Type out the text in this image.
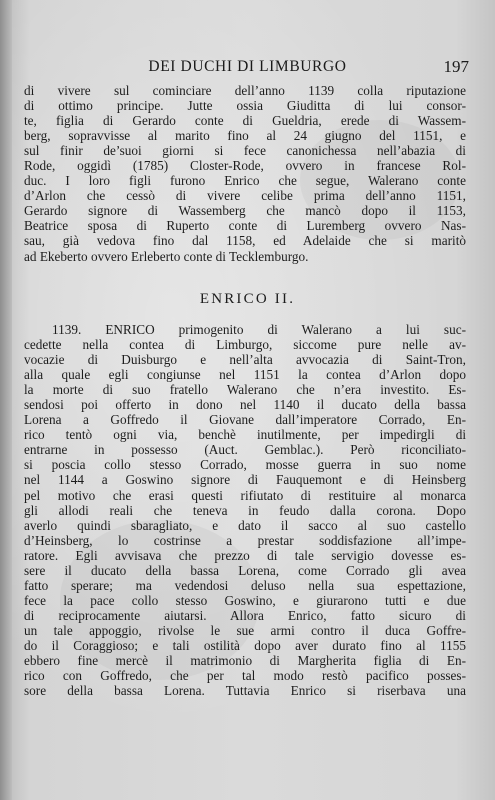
DEI DUCHI DI LIMBURGO	197
di vivere sul cominciare dell’anno 1139 colla riputazione
di ottimo principe. Jutte ossia Giuditta di lui consor-
te, figlia di Gerardo conte di Gueldria, erede di Wassem-
berg, sopravvisse al marito fino al 24 giugno del 1151, e
sul finir de’suoi giorni si fece canonichessa nell’abazia di
Rode, oggidì (1785) Closter-Rode, ovvero in francese Rol-
duc. I loro figli furono Enrico che segue, Walerano conte
d’Arlon che cessò di vivere celibe prima dell’anno 1151,
Gerardo signore di Wassemberg che mancò dopo il 1153,
Beatrice sposa di Ruperto conte di Luremberg ovvero Nas-
sau, già vedova fino dal 1158, ed Adelaide che si maritò
ad Ekeberto ovvero Erleberto conte di Tecklemburgo.
ENRICO II.
1139. ENRICO primogenito di Walerano a lui suc-
cedette nella contea di Limburgo, siccome pure nelle av-
vocazie di Duisburgo e nell’alta avvocazia di Saint-Tron,
alla quale egli congiunse nel 1151 la contea d’Arlon dopo
la morte di suo fratello Walerano che n’era investito. Es-
sendosi poi offerto in dono nel 1140 il ducato della bassa
Lorena a Goffredo il Giovane dall’imperatore Corrado, En-
rico tentò ogni via, benchè inutilmente, per impedirgli di
entrarne in possesso (Auct. Gemblac.). Però riconciliato-
si poscia collo stesso Corrado, mosse guerra in suo nome
nel 1144 a Goswino signore di Fauquemont e di Heinsberg
pel motivo che erasi questi rifiutato di restituire al monarca
gli allodi reali che teneva in feudo dalla corona. Dopo
averlo quindi sbaragliato, e dato il sacco al suo castello
d’Heinsberg, lo costrinse a prestar soddisfazione all’impe-
ratore. Egli avvisava che prezzo di tale servigio dovesse es-
sere il ducato della bassa Lorena, come Corrado gli avea
fatto sperare; ma vedendosi deluso nella sua espettazione,
fece la pace collo stesso Goswino, e giurarono tutti e due
di reciprocamente aiutarsi. Allora Enrico, fatto sicuro di
un tale appoggio, rivolse le sue armi contro il duca Goffre-
do il Coraggioso; e tali ostilità dopo aver durato fino al 1155
ebbero fine mercè il matrimonio di Margherita figlia di En-
rico con Goffredo, che per tal modo restò pacifico posses-
sore della bassa Lorena. Tuttavia Enrico si riserbava una
